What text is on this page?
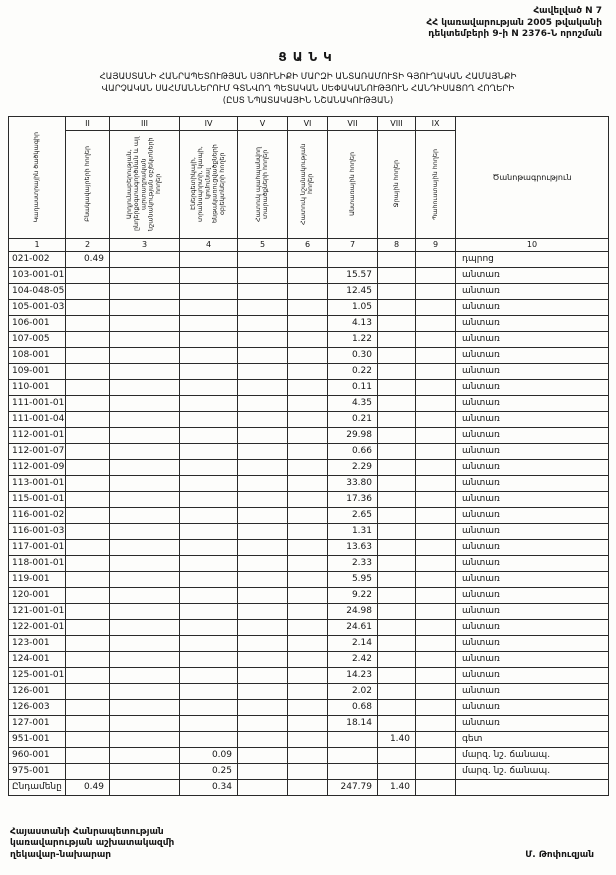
Հավելված N 7
ՀՀ կառավարության 2005 թվականի
դեկտեմբերի 9-ի N 2376-Ն որոշման
ՑԱՆԿ
ՀԱՅԱՍՏԱՆԻ ՀԱՆՐԱՊԵՏՈՒԹՅԱՆ ՍՅՈՒՆԻՔԻ ՄԱՐԶԻ ԱՆՏԱՌԱՄՈՒՏԻ ԳՅՈՒՂԱԿԱՆ ՀԱՄԱՅՆՔԻ
ՎԱՐՉԱԿԱՆ ՍԱՀՄԱՆՆԵՐՈՒՄ ԳՏՆՎՈՂ ՊԵՏԱԿԱՆ ՍԵՓԱԿԱՆՈՒԹՅՈՒՆ ՀԱՆԴԻՍԱՑՈՂ ՀՈՂԵՐԻ
(ԸՍՏ ՆՊԱՏԱԿԱՅԻՆ ՆՇԱՆԱԿՈՒԹՅԱՆ)
Կադաստրային ծածկագիր	II	III	IV	V	VI	VII	VIII	IX	Ծանոթագրություն

	Բնակավայրերի հողեր	Արդյունաբերության, ընդերքօգտագործման և այլ արտադրական նշանակության օբյեկտների հողեր	Էներգետիկայի, տրանսպորտի, կապի, կոմունալ ենթակառուցվածքների օբյեկտների հողեր	Հատուկ պահպանվող տարածքների հողեր	Հատուկ նշանակության հողեր	Անտառային հողեր	Ջրային հողեր	Պահուստային հողեր	

1	2	3	4	5	6	7	8	9	10
021-002	0.49								դպրոց
103-001-01						15.57			անտառ
104-048-05						12.45			անտառ
105-001-03						1.05			անտառ
106-001						4.13			անտառ
107-005						1.22			անտառ
108-001						0.30			անտառ
109-001						0.22			անտառ
110-001						0.11			անտառ
111-001-01						4.35			անտառ
111-001-04						0.21			անտառ
112-001-01						29.98			անտառ
112-001-07						0.66			անտառ
112-001-09						2.29			անտառ
113-001-01						33.80			անտառ
115-001-01						17.36			անտառ
116-001-02						2.65			անտառ
116-001-03						1.31			անտառ
117-001-01						13.63			անտառ
118-001-01						2.33			անտառ
119-001						5.95			անտառ
120-001						9.22			անտառ
121-001-01						24.98			անտառ
122-001-01						24.61			անտառ
123-001						2.14			անտառ
124-001						2.42			անտառ
125-001-01						14.23			անտառ
126-001						2.02			անտառ
126-003						0.68			անտառ
127-001						18.14			անտառ
951-001							1.40		գետ
960-001			0.09						մարզ. նշ. ճանապ.
975-001			0.25						մարզ. նշ. ճանապ.
Ընդամենը	0.49		0.34			247.79	1.40		
Հայաստանի Հանրապետության
կառավարության աշխատակազմի
ղեկավար-նախարար	Մ. Թոփուզյան
